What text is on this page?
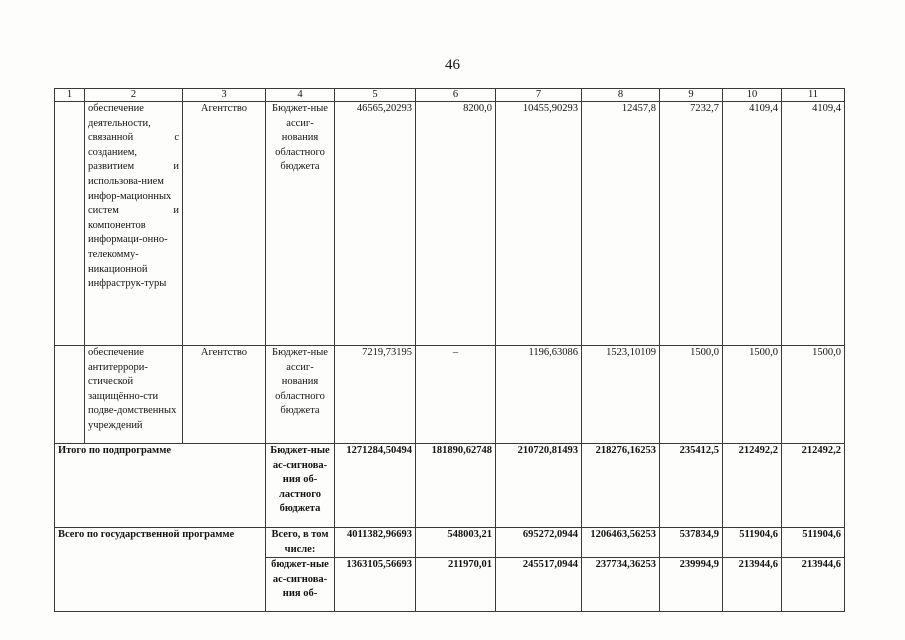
46
1	2	3	4	5	6	7	8	9	10	11
	обеспечение деятельности, связанной с созданием, развитием и использова-нием инфор-мационных систем и компонентов информаци-онно-телекомму-никационной инфраструк-туры	Агентство	Бюджет-ные ассиг-нования областного бюджета	46565,20293	8200,0	10455,90293	12457,8	7232,7	4109,4	4109,4
	обеспечение антитеррори-стической защищённо-сти подве-домственных учреждений	Агентство	Бюджет-ные ассиг-нования областного бюджета	7219,73195	–	1196,63086	1523,10109	1500,0	1500,0	1500,0
Итого по подпрограмме			Бюджет-ные ас-сигнова-ния об-ластного бюджета	1271284,50494	181890,62748	210720,81493	218276,16253	235412,5	212492,2	212492,2
Всего по государственной программе			Всего, в том числе:	4011382,96693	548003,21	695272,0944	1206463,56253	537834,9	511904,6	511904,6
			бюджет-ные ас-сигнова-ния об-	1363105,56693	211970,01	245517,0944	237734,36253	239994,9	213944,6	213944,6
